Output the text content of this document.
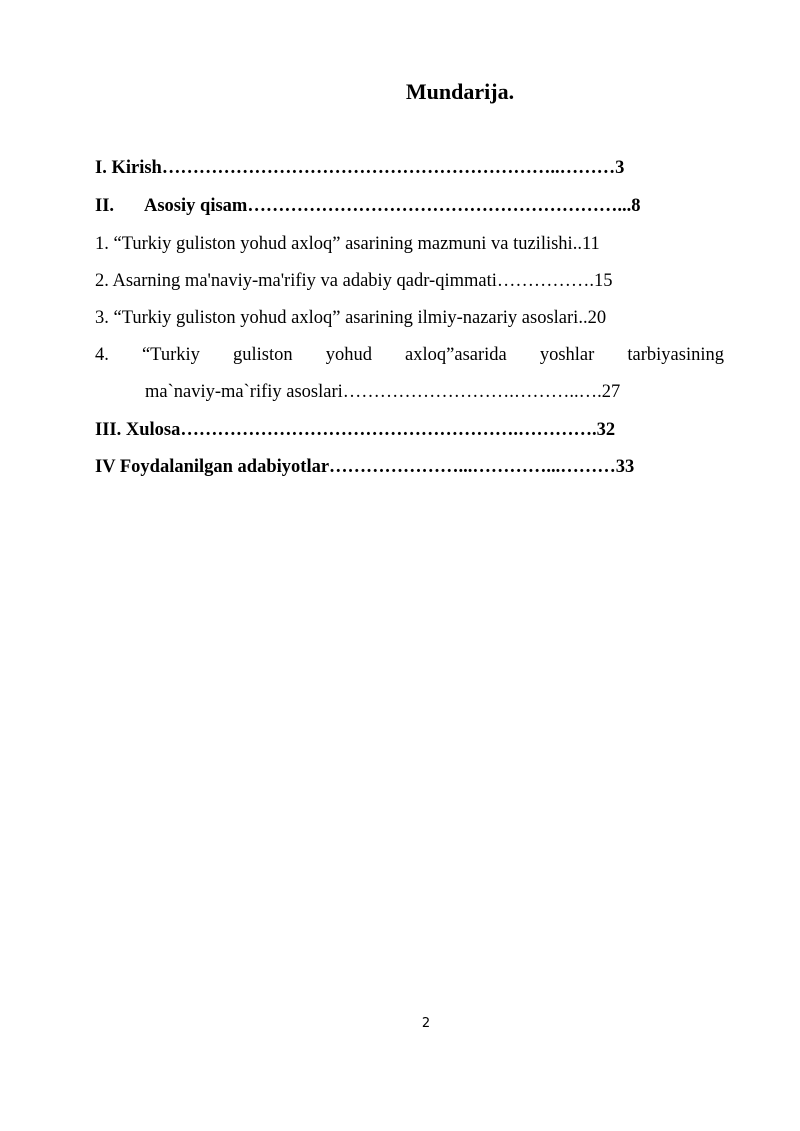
Mundarija.
I. Kirish………………………………………………………..………3
II. Asosiy qisam……………………………………………………...8
1. “Turkiy guliston yohud axloq” asarining mazmuni va tuzilishi..11
2. Asarning ma'naviy-ma'rifiy va adabiy qadr-qimmati…………….15
3. “Turkiy guliston yohud axloq” asarining ilmiy-nazariy asoslari..20
4. “Turkiy guliston yohud axloq”asarida yoshlar tarbiyasining
ma`naviy-ma`rifiy asoslari……………………….………..….27
III. Xulosa……………………………………………….………….32
IV Foydalanilgan adabiyotlar…………………...…………...………33
2
